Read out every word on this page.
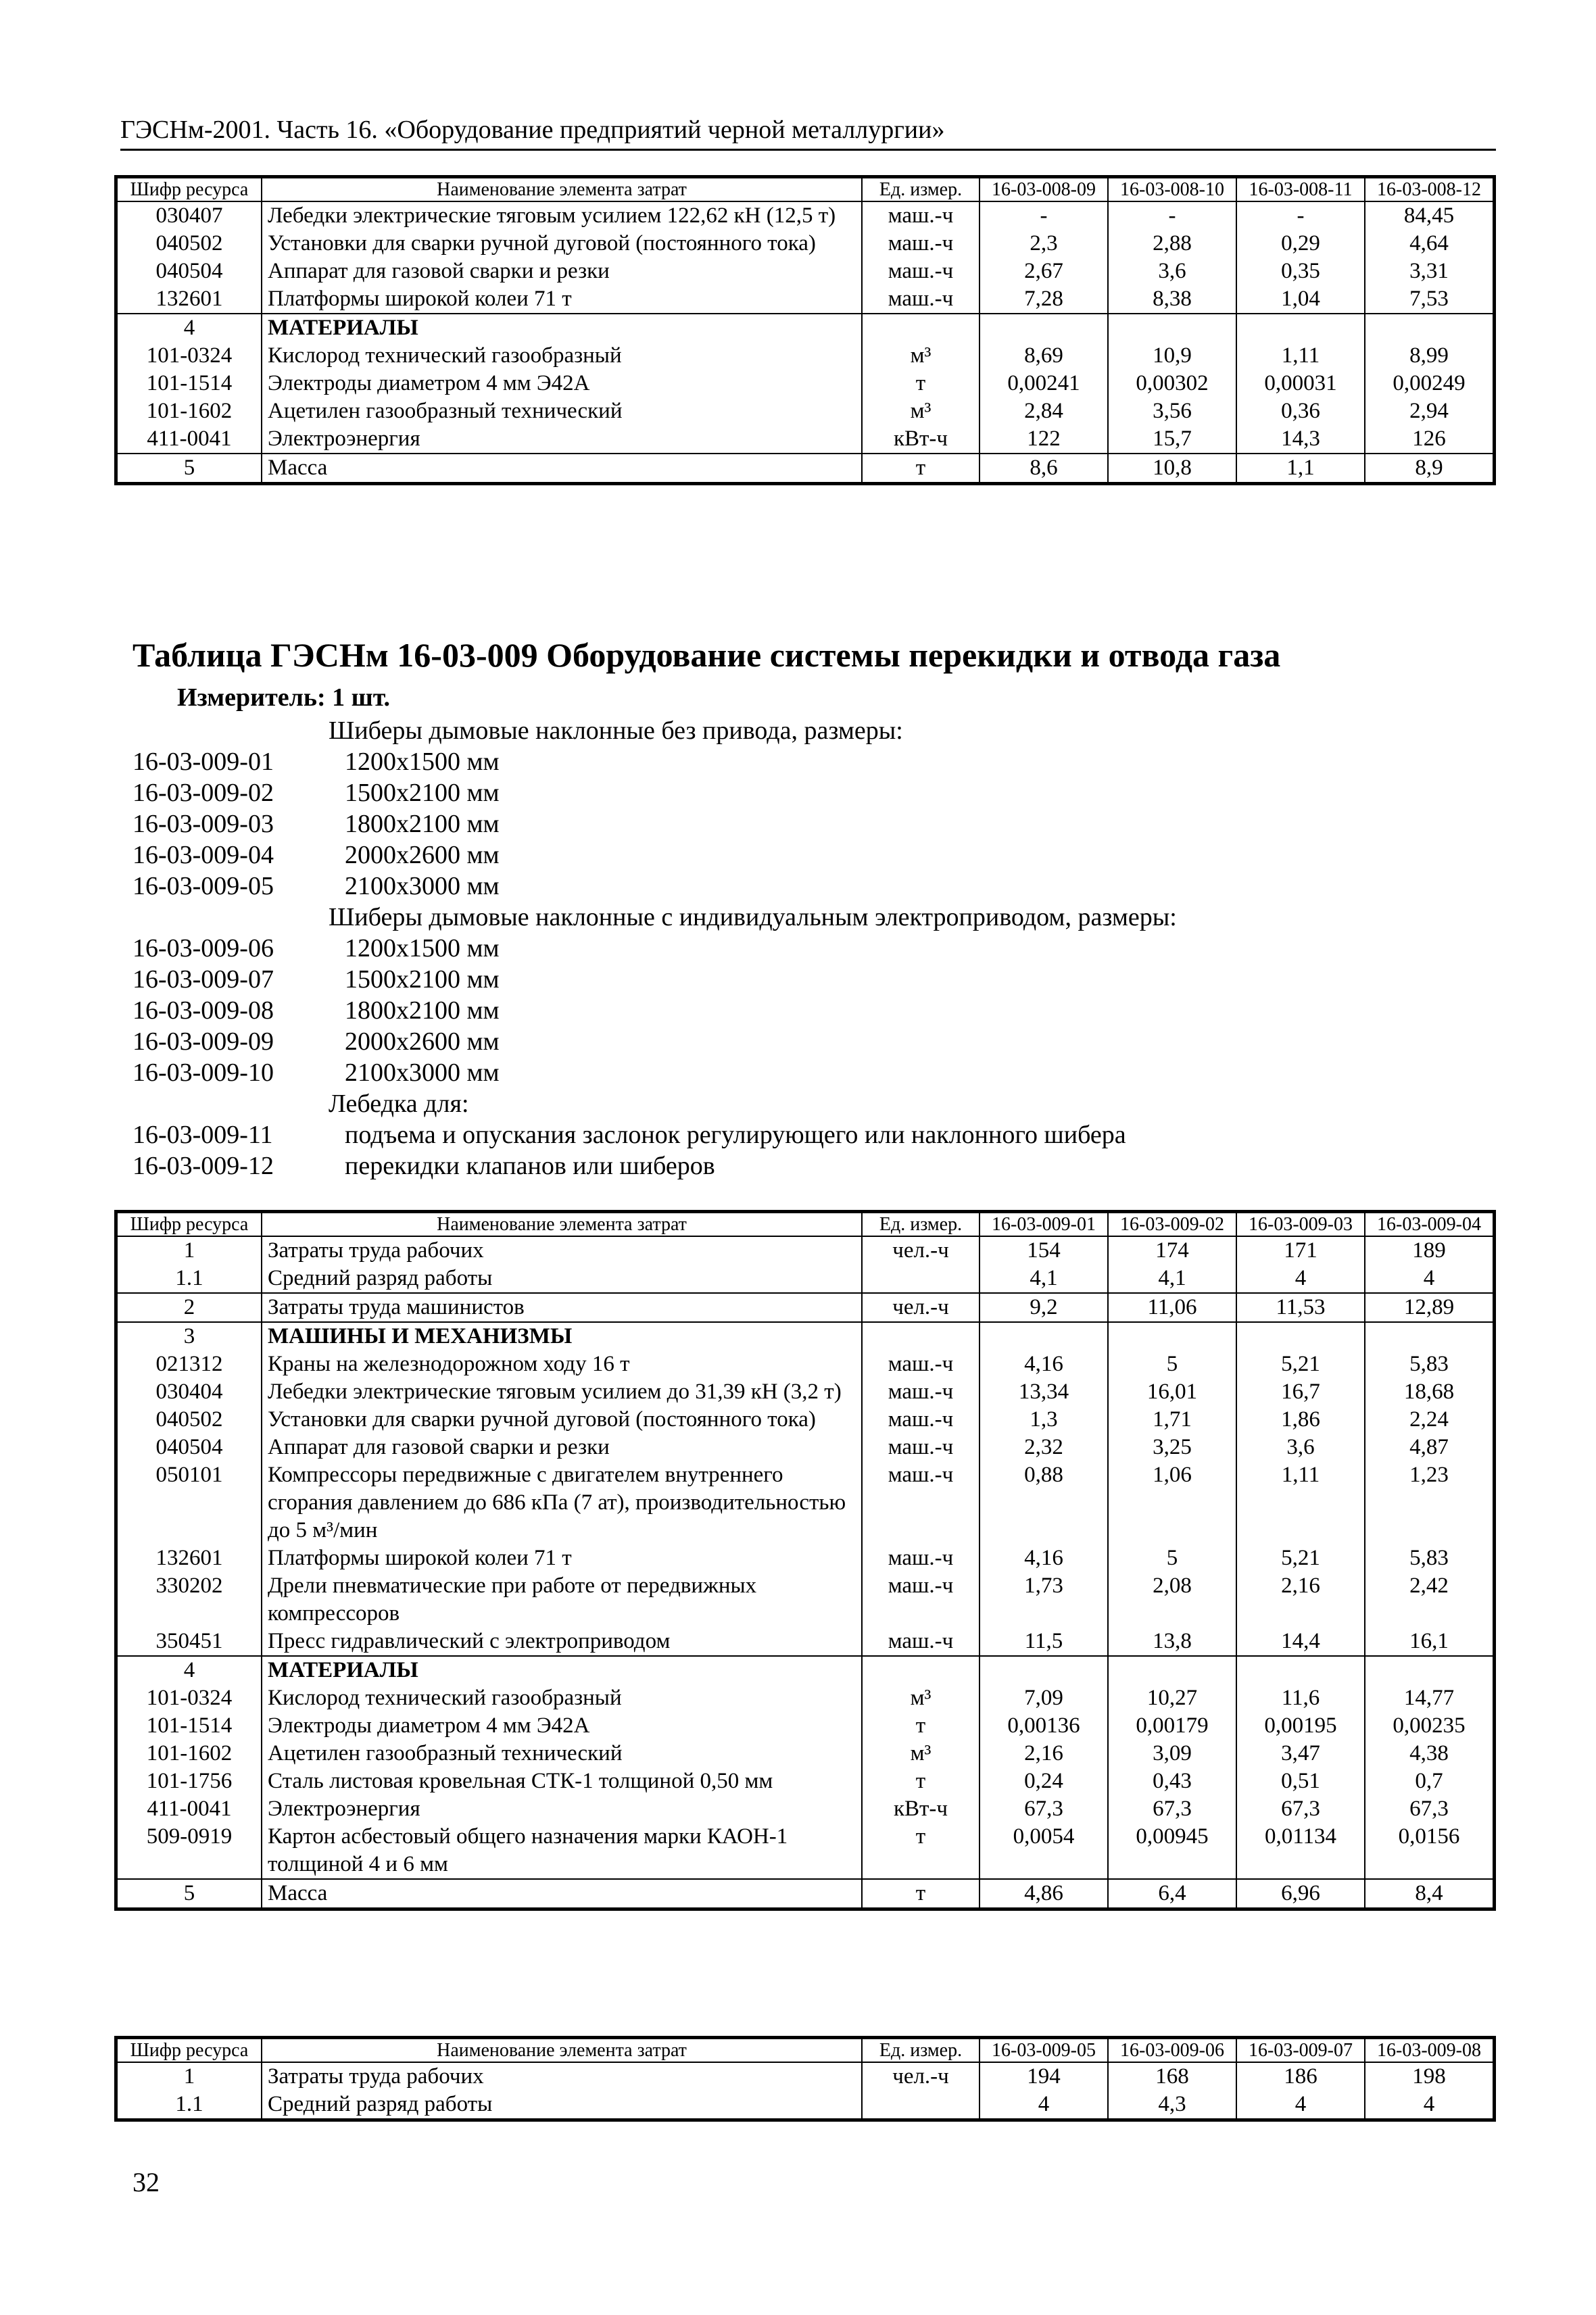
ГЭСНм-2001. Часть 16. «Оборудование предприятий черной металлургии»
Шифр ресурса	Наименование элемента затрат	Ед. измер.	16-03-008-09	16-03-008-10	16-03-008-11	16-03-008-12
030407	Лебедки электрические тяговым усилием 122,62 кН (12,5 т)	маш.-ч	-	-	-	84,45
040502	Установки для сварки ручной дуговой (постоянного тока)	маш.-ч	2,3	2,88	0,29	4,64
040504	Аппарат для газовой сварки и резки	маш.-ч	2,67	3,6	0,35	3,31
132601	Платформы широкой колеи 71 т	маш.-ч	7,28	8,38	1,04	7,53
4	МАТЕРИАЛЫ					
101-0324	Кислород технический газообразный	м³	8,69	10,9	1,11	8,99
101-1514	Электроды диаметром 4 мм Э42А	т	0,00241	0,00302	0,00031	0,00249
101-1602	Ацетилен газообразный технический	м³	2,84	3,56	0,36	2,94
411-0041	Электроэнергия	кВт-ч	122	15,7	14,3	126
5	Масса	т	8,6	10,8	1,1	8,9
Таблица ГЭСНм 16-03-009 Оборудование системы перекидки и отвода газа
Измеритель: 1 шт.
Шиберы дымовые наклонные без привода, размеры:
16-03-009-01	1200x1500 мм
16-03-009-02	1500x2100 мм
16-03-009-03	1800x2100 мм
16-03-009-04	2000x2600 мм
16-03-009-05	2100x3000 мм
Шиберы дымовые наклонные с индивидуальным электроприводом, размеры:
16-03-009-06	1200x1500 мм
16-03-009-07	1500x2100 мм
16-03-009-08	1800x2100 мм
16-03-009-09	2000x2600 мм
16-03-009-10	2100x3000 мм
Лебедка для:
16-03-009-11	подъема и опускания заслонок регулирующего или наклонного шибера
16-03-009-12	перекидки клапанов или шиберов
Шифр ресурса	Наименование элемента затрат	Ед. измер.	16-03-009-01	16-03-009-02	16-03-009-03	16-03-009-04
1	Затраты труда рабочих	чел.-ч	154	174	171	189
1.1	Средний разряд работы		4,1	4,1	4	4
2	Затраты труда машинистов	чел.-ч	9,2	11,06	11,53	12,89
3	МАШИНЫ И МЕХАНИЗМЫ					
021312	Краны на железнодорожном ходу 16 т	маш.-ч	4,16	5	5,21	5,83
030404	Лебедки электрические тяговым усилием до 31,39 кН (3,2 т)	маш.-ч	13,34	16,01	16,7	18,68
040502	Установки для сварки ручной дуговой (постоянного тока)	маш.-ч	1,3	1,71	1,86	2,24
040504	Аппарат для газовой сварки и резки	маш.-ч	2,32	3,25	3,6	4,87
050101	Компрессоры передвижные с двигателем внутреннего сгорания давлением до 686 кПа (7 ат), производительностью до 5 м³/мин	маш.-ч	0,88	1,06	1,11	1,23
132601	Платформы широкой колеи 71 т	маш.-ч	4,16	5	5,21	5,83
330202	Дрели пневматические при работе от передвижных компрессоров	маш.-ч	1,73	2,08	2,16	2,42
350451	Пресс гидравлический с электроприводом	маш.-ч	11,5	13,8	14,4	16,1
4	МАТЕРИАЛЫ					
101-0324	Кислород технический газообразный	м³	7,09	10,27	11,6	14,77
101-1514	Электроды диаметром 4 мм Э42А	т	0,00136	0,00179	0,00195	0,00235
101-1602	Ацетилен газообразный технический	м³	2,16	3,09	3,47	4,38
101-1756	Сталь листовая кровельная СТК-1 толщиной 0,50 мм	т	0,24	0,43	0,51	0,7
411-0041	Электроэнергия	кВт-ч	67,3	67,3	67,3	67,3
509-0919	Картон асбестовый общего назначения марки КАОН-1 толщиной 4 и 6 мм	т	0,0054	0,00945	0,01134	0,0156
5	Масса	т	4,86	6,4	6,96	8,4
Шифр ресурса	Наименование элемента затрат	Ед. измер.	16-03-009-05	16-03-009-06	16-03-009-07	16-03-009-08
1	Затраты труда рабочих	чел.-ч	194	168	186	198
1.1	Средний разряд работы		4	4,3	4	4
32
